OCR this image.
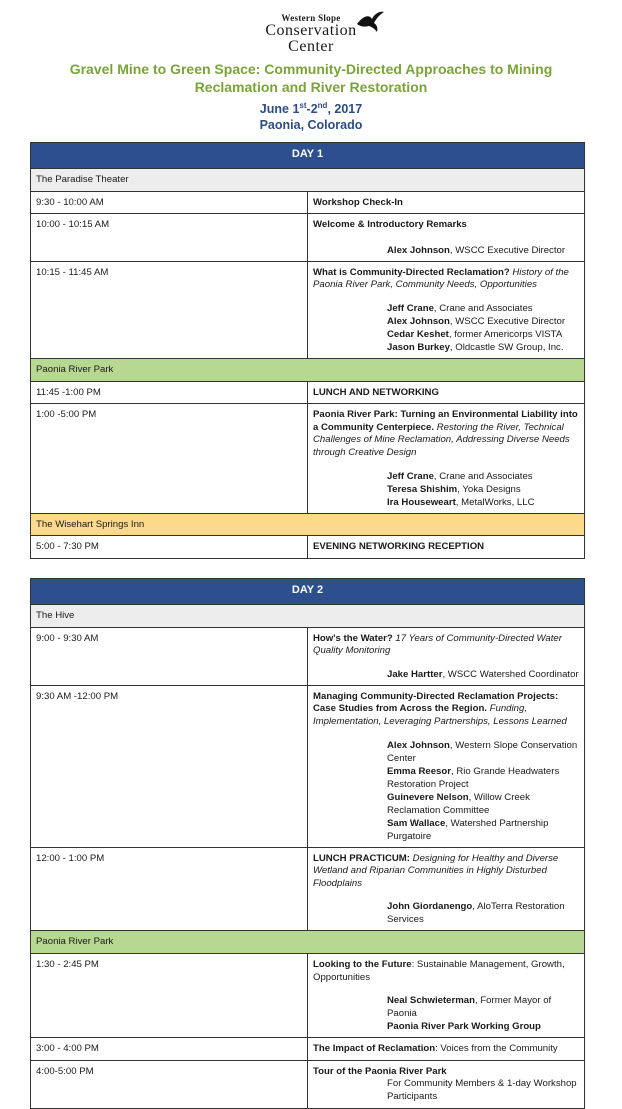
Western Slope
Conservation
Center
Gravel Mine to Green Space: Community-Directed Approaches to Mining
Reclamation and River Restoration
June 1st-2nd, 2017
Paonia, Colorado
DAY 1	
The Paradise Theater	
9:30 - 10:00 AM	Workshop Check-In
10:00 - 10:15 AM	Welcome & Introductory Remarks
Alex Johnson, WSCC Executive Director

10:15 - 11:45 AM	What is Community-Directed Reclamation? History of the Paonia River Park, Community Needs, Opportunities
Jeff Crane, Crane and Associates
Alex Johnson, WSCC Executive Director
Cedar Keshet, former Americorps VISTA
Jason Burkey, Oldcastle SW Group, Inc.

Paonia River Park	
11:45 -1:00 PM	LUNCH AND NETWORKING
1:00 -5:00 PM	Paonia River Park: Turning an Environmental Liability into a Community Centerpiece. Restoring the River, Technical Challenges of Mine Reclamation, Addressing Diverse Needs through Creative Design
Jeff Crane, Crane and Associates
Teresa Shishim, Yoka Designs
Ira Houseweart, MetalWorks, LLC

The Wisehart Springs Inn	
5:00 - 7:30 PM	EVENING NETWORKING RECEPTION
DAY 2	
The Hive	
9:00 - 9:30 AM	How's the Water? 17 Years of Community-Directed Water Quality Monitoring
Jake Hartter, WSCC Watershed Coordinator

9:30 AM -12:00 PM	Managing Community-Directed Reclamation Projects: Case Studies from Across the Region. Funding, Implementation, Leveraging Partnerships, Lessons Learned
Alex Johnson, Western Slope Conservation Center
Emma Reesor, Rio Grande Headwaters Restoration Project
Guinevere Nelson, Willow Creek Reclamation Committee
Sam Wallace, Watershed Partnership Purgatoire

12:00 - 1:00 PM	LUNCH PRACTICUM: Designing for Healthy and Diverse Wetland and Riparian Communities in Highly Disturbed Floodplains
John Giordanengo, AloTerra Restoration Services

Paonia River Park	
1:30 - 2:45 PM	Looking to the Future: Sustainable Management, Growth, Opportunities
Neal Schwieterman, Former Mayor of Paonia
Paonia River Park Working Group

3:00 - 4:00 PM	The Impact of Reclamation: Voices from the Community
4:00-5:00 PM	Tour of the Paonia River Park
For Community Members & 1-day Workshop Participants
